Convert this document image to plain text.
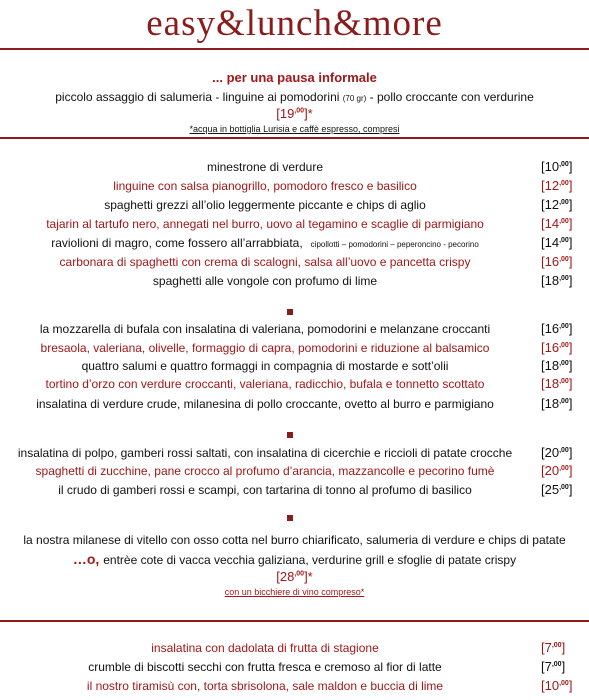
easy&lunch&more
... per una pausa informale
piccolo assaggio di salumeria - linguine ai pomodorini (70 gr) - pollo croccante con verdurine
$[19^{,00}]*$
*acqua in bottiglia Lurisia e caffè espresso, compresi
minestrone di verdure	$[10^{,00}]$
linguine con salsa pianogrillo, pomodoro fresco e basilico	$[12^{,00}]$
spaghetti grezzi all’olio leggermente piccante e chips di aglio	$[12^{,00}]$
tajarin al tartufo nero, annegati nel burro, uovo al tegamino e scaglie di parmigiano	$[14^{,00}]$
raviolioni di magro, come fossero all’arrabbiata, cipollotti – pomodorini – peperoncino - pecorino	$[14^{,00}]$
carbonara di spaghetti con crema di scalogni, salsa all’uovo e pancetta crispy	$[16^{,00}]$
spaghetti alle vongole con profumo di lime	$[18^{,00}]$
la mozzarella di bufala con insalatina di valeriana, pomodorini e melanzane croccanti	$[16^{,00}]$
bresaola, valeriana, olivelle, formaggio di capra, pomodorini e riduzione al balsamico	$[16^{,00}]$
quattro salumi e quattro formaggi in compagnia di mostarde e sott’olii	$[18^{,00}]$
tortino d’orzo con verdure croccanti, valeriana, radicchio, bufala e tonnetto scottato	$[18^{,00}]$
insalatina di verdure crude, milanesina di pollo croccante, ovetto al burro e parmigiano	$[18^{,00}]$
insalatina di polpo, gamberi rossi saltati, con insalatina di cicerchie e riccioli di patate crocche	$[20^{,00}]$
spaghetti di zucchine, pane crocco al profumo d’arancia, mazzancolle e pecorino fumè	$[20^{,00}]$
il crudo di gamberi rossi e scampi, con tartarina di tonno al profumo di basilico	$[25^{,00}]$
la nostra milanese di vitello con osso cotta nel burro chiarificato, salumeria di verdure e chips di patate
…o, entrèe cote di vacca vecchia galiziana, verdurine grill e sfoglie di patate crispy
$[28^{,00}]*$
con un bicchiere di vino compreso*
insalatina con dadolata di frutta di stagione	$[7^{,00}]$
crumble di biscotti secchi con frutta fresca e cremoso al fior di latte	$[7^{,00}]$
il nostro tiramisù con, torta sbrisolona, sale maldon e buccia di lime	$[10^{,00}]$
